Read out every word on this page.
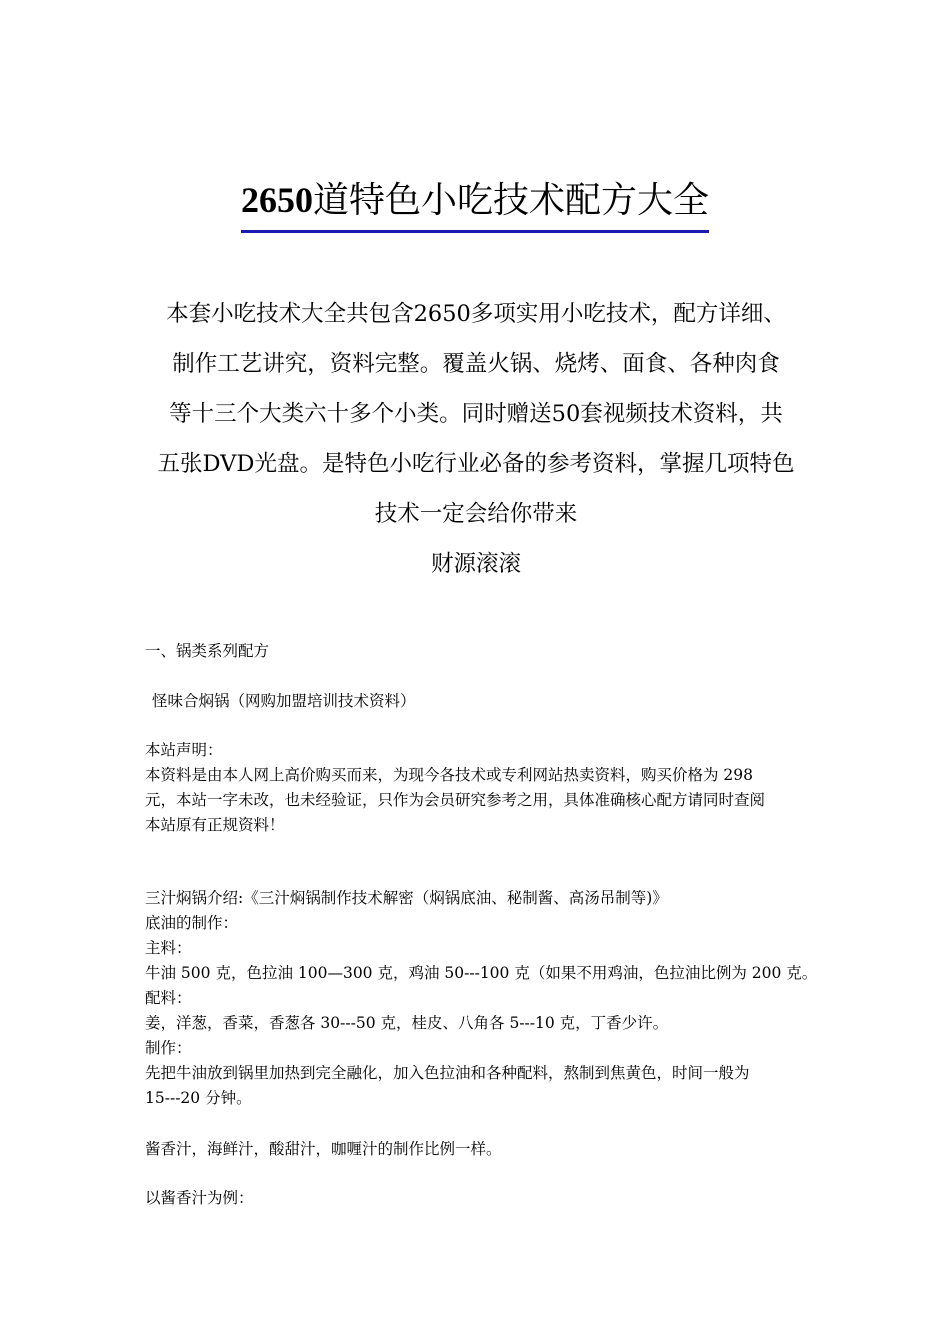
2650道特色小吃技术配方大全

本套小吃技术大全共包含2650多项实用小吃技术，配方详细、

制作工艺讲究，资料完整。覆盖火锅、烧烤、面食、各种肉食

等十三个大类六十多个小类。同时赠送50套视频技术资料，共

五张DVD光盘。是特色小吃行业必备的参考资料，掌握几项特色

技术一定会给你带来

财源滚滚

一、锅类系列配方
怪味合焖锅（网购加盟培训技术资料）
本站声明：
本资料是由本人网上高价购买而来，为现今各技术或专利网站热卖资料，购买价格为 298
元，本站一字未改，也未经验证，只作为会员研究参考之用，具体准确核心配方请同时查阅
本站原有正规资料！
三汁焖锅介绍:《三汁焖锅制作技术解密（焖锅底油、秘制酱、高汤吊制等)》
底油的制作：
主料：
牛油 500 克，色拉油 100—300 克，鸡油 50---100 克（如果不用鸡油，色拉油比例为 200 克。
配料：
姜，洋葱，香菜，香葱各 30---50 克，桂皮、八角各 5---10 克，丁香少许。
制作：
先把牛油放到锅里加热到完全融化，加入色拉油和各种配料，熬制到焦黄色，时间一般为
15---20 分钟。
酱香汁，海鲜汁，酸甜汁，咖喱汁的制作比例一样。
以酱香汁为例：
